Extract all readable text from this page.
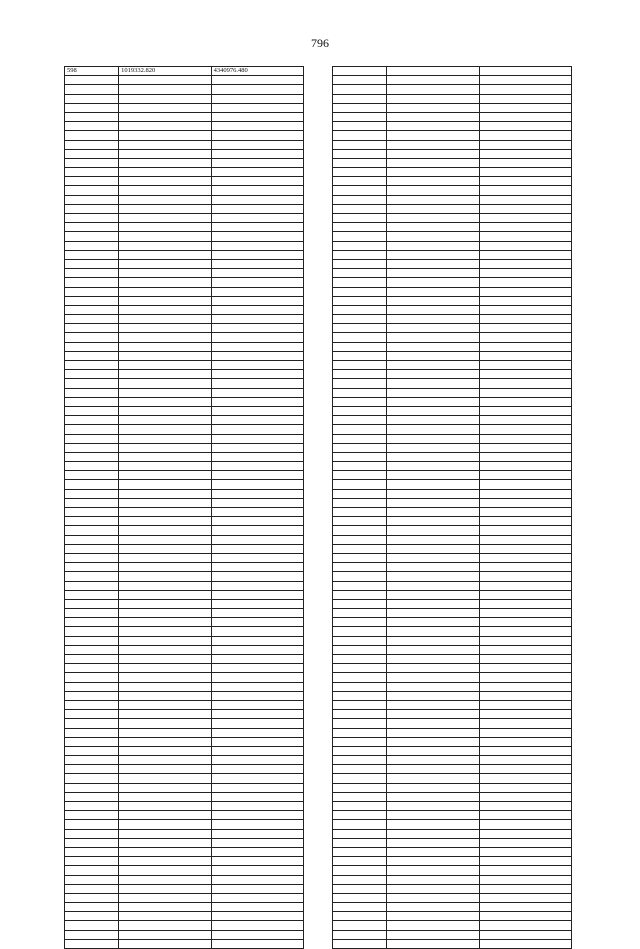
796
598	1019332.820	4340976.480
